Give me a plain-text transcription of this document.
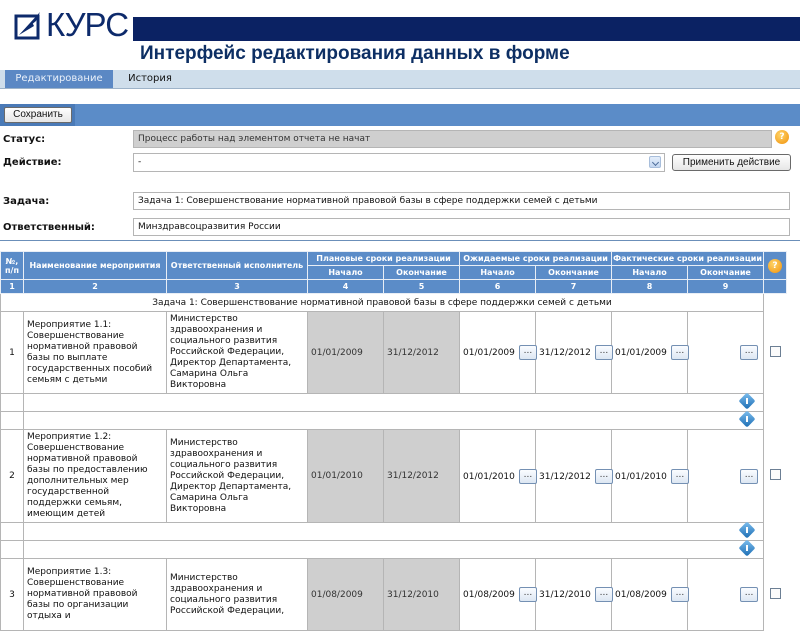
КУРС
Интерфейс редактирования данных в форме
Редактирование	История
Сохранить
Статус:	Процесс работы над элементом отчета не начат	?
Действие:	-	Применить действие
Задача:	Задача 1: Совершенствование нормативной правовой базы в сфере поддержки семей с детьми
Ответственный:	Минздравсоцразвития России
№, п/п	Наименование мероприятия	Ответственный исполнитель	Плановые сроки реализации		Ожидаемые сроки реализации		Фактические сроки реализации		?
			Начало	Окончание	Начало	Окончание	Начало	Окончание	
1	2	3	4	5	6	7	8	9	
Задача 1: Совершенствование нормативной правовой базы в сфере поддержки семей с детьми									
1	Мероприятие 1.1: Совершенствование нормативной правовой базы по выплате государственных пособий семьям с детьми	Министерство здравоохранения и социального развития Российской Федерации, Директор Департамента, Самарина Ольга Викторовна	01/01/2009	31/12/2012	01/01/2009 ...	31/12/2012 ...	01/01/2009 ...	...	

2	Мероприятие 1.2: Совершенствование нормативной правовой базы по предоставлению дополнительных мер государственной поддержки семьям, имеющим детей	Министерство здравоохранения и социального развития Российской Федерации, Директор Департамента, Самарина Ольга Викторовна	01/01/2010	31/12/2012	01/01/2010 ...	31/12/2012 ...	01/01/2010 ...	...	

3	Мероприятие 1.3: Совершенствование нормативной правовой базы по организации отдыха и	Министерство здравоохранения и социального развития Российской Федерации,	01/08/2009	31/12/2010	01/08/2009 ...	31/12/2010 ...	01/08/2009 ...	...	
